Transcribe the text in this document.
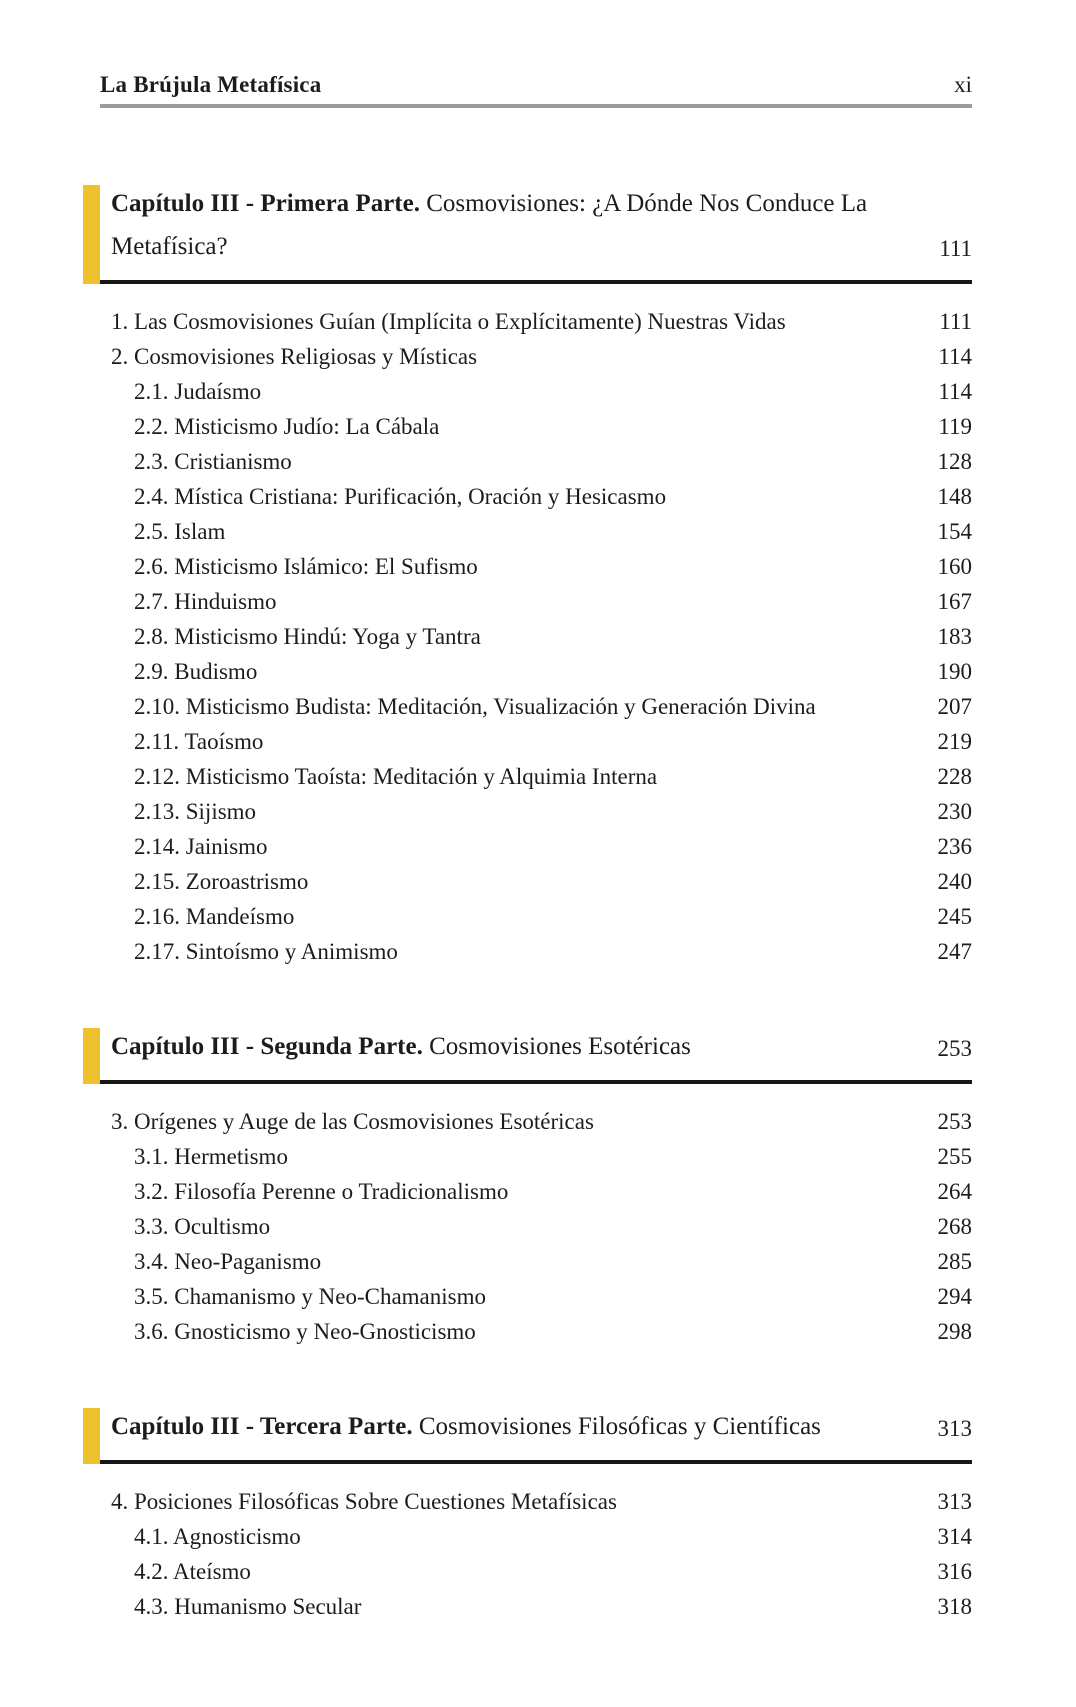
La Brújula Metafísica	xi
Capítulo III - Primera Parte. Cosmovisiones: ¿A Dónde Nos Conduce La Metafísica?	111
1. Las Cosmovisiones Guían (Implícita o Explícitamente) Nuestras Vidas	111
2. Cosmovisiones Religiosas y Místicas	114
2.1. Judaísmo	114
2.2. Misticismo Judío: La Cábala	119
2.3. Cristianismo	128
2.4. Mística Cristiana: Purificación, Oración y Hesicasmo	148
2.5. Islam	154
2.6. Misticismo Islámico: El Sufismo	160
2.7. Hinduismo	167
2.8. Misticismo Hindú: Yoga y Tantra	183
2.9. Budismo	190
2.10. Misticismo Budista: Meditación, Visualización y Generación Divina	207
2.11. Taoísmo	219
2.12. Misticismo Taoísta: Meditación y Alquimia Interna	228
2.13. Sijismo	230
2.14. Jainismo	236
2.15. Zoroastrismo	240
2.16. Mandeísmo	245
2.17. Sintoísmo y Animismo	247
Capítulo III - Segunda Parte. Cosmovisiones Esotéricas	253
3. Orígenes y Auge de las Cosmovisiones Esotéricas	253
3.1. Hermetismo	255
3.2. Filosofía Perenne o Tradicionalismo	264
3.3. Ocultismo	268
3.4. Neo-Paganismo	285
3.5. Chamanismo y Neo-Chamanismo	294
3.6. Gnosticismo y Neo-Gnosticismo	298
Capítulo III - Tercera Parte. Cosmovisiones Filosóficas y Científicas	313
4. Posiciones Filosóficas Sobre Cuestiones Metafísicas	313
4.1. Agnosticismo	314
4.2. Ateísmo	316
4.3. Humanismo Secular	318
